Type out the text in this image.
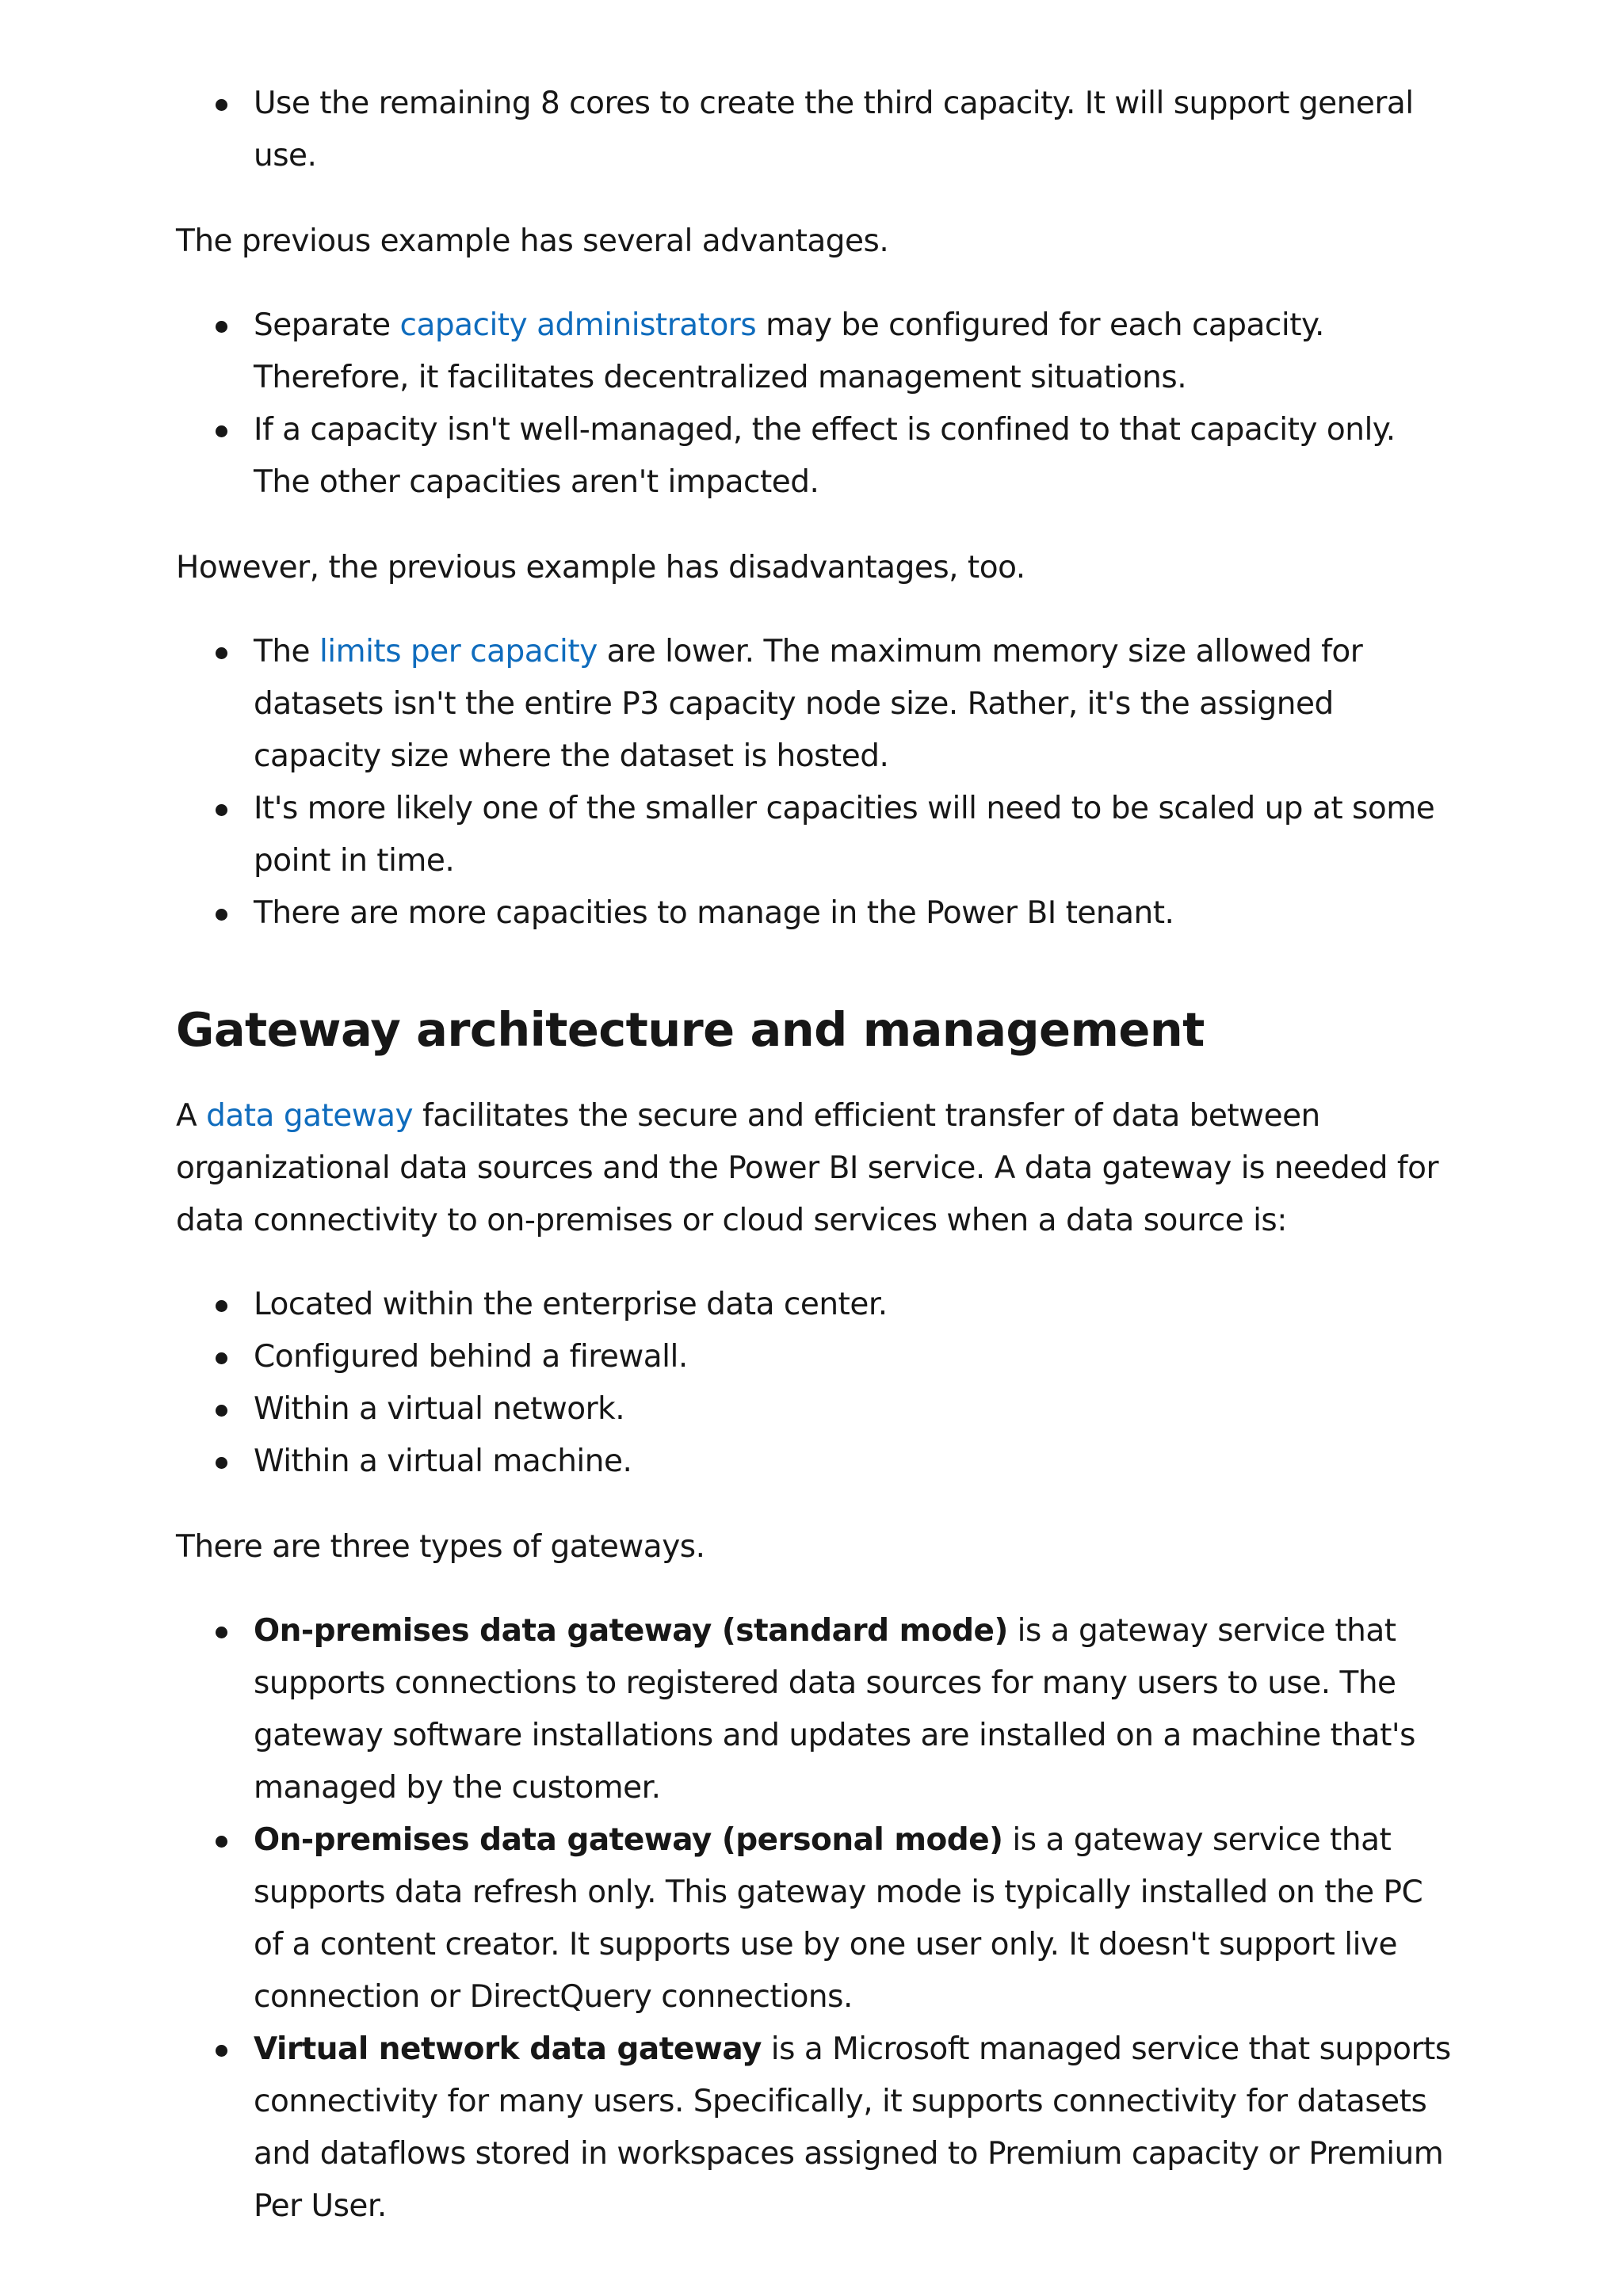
Use the remaining 8 cores to create the third capacity. It will support general use.

The previous example has several advantages.

Separate capacity administrators may be configured for each capacity. Therefore, it facilitates decentralized management situations.
If a capacity isn't well-managed, the effect is confined to that capacity only. The other capacities aren't impacted.

However, the previous example has disadvantages, too.

The limits per capacity are lower. The maximum memory size allowed for datasets isn't the entire P3 capacity node size. Rather, it's the assigned capacity size where the dataset is hosted.
It's more likely one of the smaller capacities will need to be scaled up at some point in time.
There are more capacities to manage in the Power BI tenant.
Gateway architecture and management

A data gateway facilitates the secure and efficient transfer of data between organizational data sources and the Power BI service. A data gateway is needed for data connectivity to on-premises or cloud services when a data source is:

Located within the enterprise data center.
Configured behind a firewall.
Within a virtual network.
Within a virtual machine.

There are three types of gateways.

On-premises data gateway (standard mode) is a gateway service that supports connections to registered data sources for many users to use. The gateway software installations and updates are installed on a machine that's managed by the customer.
On-premises data gateway (personal mode) is a gateway service that supports data refresh only. This gateway mode is typically installed on the PC of a content creator. It supports use by one user only. It doesn't support live connection or DirectQuery connections.
Virtual network data gateway is a Microsoft managed service that supports connectivity for many users. Specifically, it supports connectivity for datasets and dataflows stored in workspaces assigned to Premium capacity or Premium Per User.
